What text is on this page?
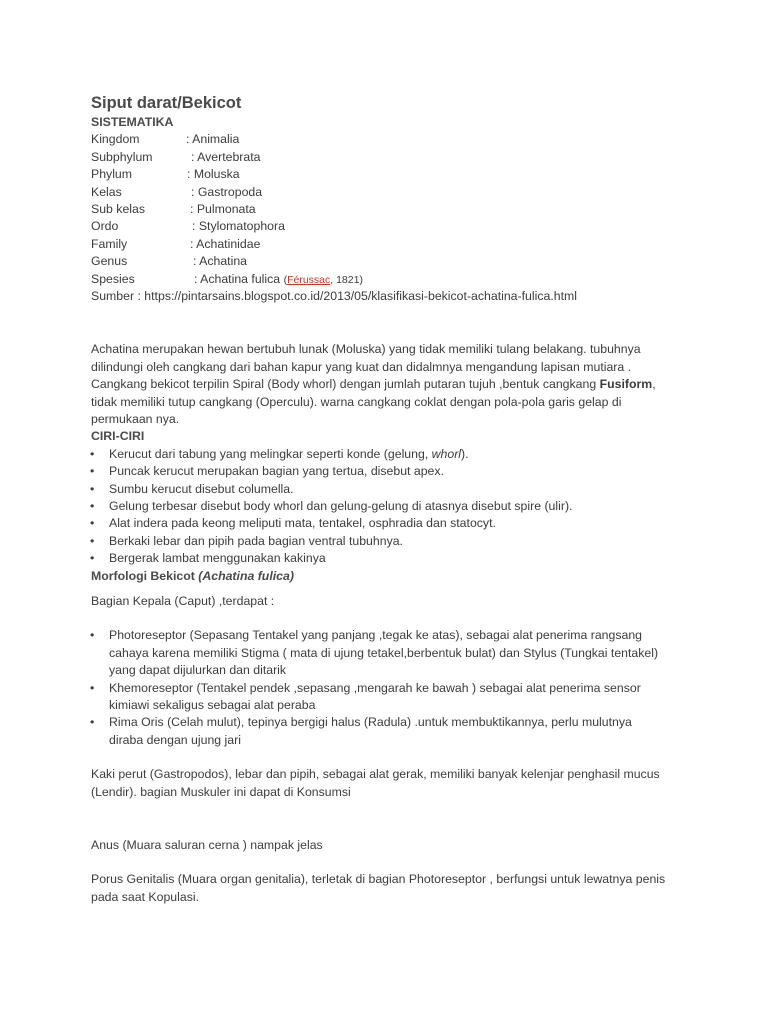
Siput darat/Bekicot
SISTEMATIKA
Kingdom	: Animalia
Subphylum	: Avertebrata
Phylum	: Moluska
Kelas	: Gastropoda
Sub kelas	: Pulmonata
Ordo	: Stylomatophora
Family	: Achatinidae
Genus	: Achatina
Spesies	: Achatina fulica (Férussac, 1821)
Sumber : https://pintarsains.blogspot.co.id/2013/05/klasifikasi-bekicot-achatina-fulica.html

Achatina merupakan hewan bertubuh lunak (Moluska) yang tidak memiliki tulang belakang. tubuhnya dilindungi oleh cangkang dari bahan kapur yang kuat dan didalmnya mengandung lapisan mutiara . Cangkang bekicot terpilin Spiral (Body whorl) dengan jumlah putaran tujuh ,bentuk cangkang Fusiform, tidak memiliki tutup cangkang (Operculu). warna cangkang coklat dengan pola-pola garis gelap di permukaan nya.

CIRI-CIRI
• Kerucut dari tabung yang melingkar seperti konde (gelung, whorl).
• Puncak kerucut merupakan bagian yang tertua, disebut apex.
• Sumbu kerucut disebut columella.
• Gelung terbesar disebut body whorl dan gelung-gelung di atasnya disebut spire (ulir).
• Alat indera pada keong meliputi mata, tentakel, osphradia dan statocyt.
• Berkaki lebar dan pipih pada bagian ventral tubuhnya.
• Bergerak lambat menggunakan kakinya
Morfologi Bekicot (Achatina fulica)

Bagian Kepala (Caput) ,terdapat :

• Photoreseptor (Sepasang Tentakel yang panjang ,tegak ke atas), sebagai alat penerima rangsang cahaya karena memiliki Stigma ( mata di ujung tetakel,berbentuk bulat) dan Stylus (Tungkai tentakel) yang dapat dijulurkan dan ditarik
• Khemoreseptor (Tentakel pendek ,sepasang ,mengarah ke bawah ) sebagai alat penerima sensor kimiawi sekaligus sebagai alat peraba
• Rima Oris (Celah mulut), tepinya bergigi halus (Radula) .untuk membuktikannya, perlu mulutnya diraba dengan ujung jari

Kaki perut (Gastropodos), lebar dan pipih, sebagai alat gerak, memiliki banyak kelenjar penghasil mucus (Lendir). bagian Muskuler ini dapat di Konsumsi

Anus (Muara saluran cerna ) nampak jelas

Porus Genitalis (Muara organ genitalia), terletak di bagian Photoreseptor , berfungsi untuk lewatnya penis pada saat Kopulasi.
